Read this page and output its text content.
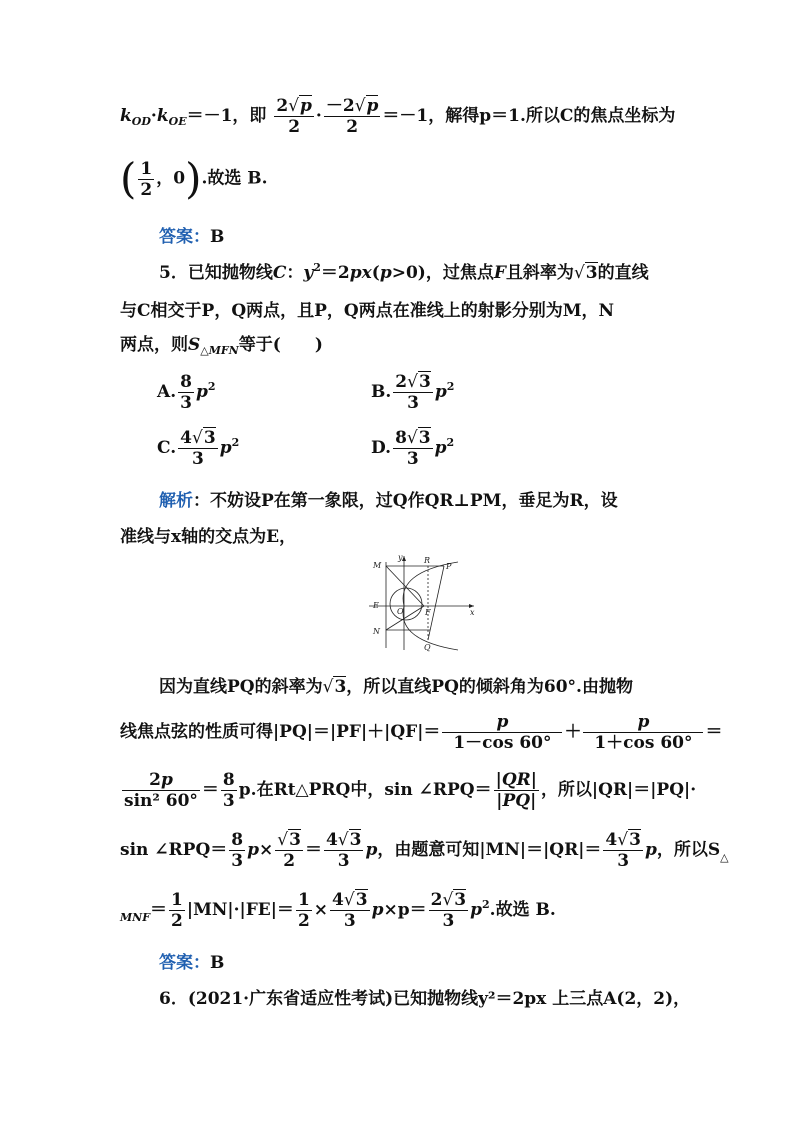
$k_{OD}\cdot k_{OE}=-1$，即 $\frac{2√p}{2} \cdot \frac{-2√p}{2} =-1$，解得p＝1.所以C的焦点坐标为
( $\frac{1}{2}$ ，0).故选 B.
答案：B
5．已知抛物线C：$y^2=2px(p>0)$，过焦点F且斜率为√3的直线
与C相交于P，Q两点，且P，Q两点在准线上的射影分别为M，N
两点，则$S_{\triangle MFN}$等于(　　)
A. $\frac{8}{3} p^2$	B. $\frac{2√3}{3} p^2$
C. $\frac{4√3}{3} p^2$	D. $\frac{8√3}{3} p^2$
解析：不妨设P在第一象限，过Q作QR⊥PM，垂足为R，设
准线与x轴的交点为E，
y
x
M
R
P
E
O	F
N
Q
因为直线PQ的斜率为√3，所以直线PQ的倾斜角为60°.由抛物
线焦点弦的性质可得$|PQ|=|PF|+|QF|= \frac{p}{1-\cos 60^\circ} + \frac{p}{1+\cos 60^\circ}$ ＝
$\frac{2p}{\text{sin² 60°}} = \frac{8}{3} p$.在Rt△PRQ中，sin ∠RPQ＝ $\frac{|QR|}{|PQ|}$ ，所以|QR|＝|PQ|·
sin ∠RPQ＝ $\frac{8}{3} p\times \frac{√3}{2} = \frac{4√3}{3}$ p，由题意可知$|MN|=|QR|= \frac{4√3}{3}$ p，所以$S_\triangle$
$_{MNF}= \frac{1}{2} |MN|\cdot|FE|= \frac{1}{2} \times \frac{4√3}{3} p\times p= \frac{2√3}{3} p^2$.故选 B.
答案：B
6．(2021·广东省适应性考试)已知抛物线y²＝2px 上三点A(2，2)，
